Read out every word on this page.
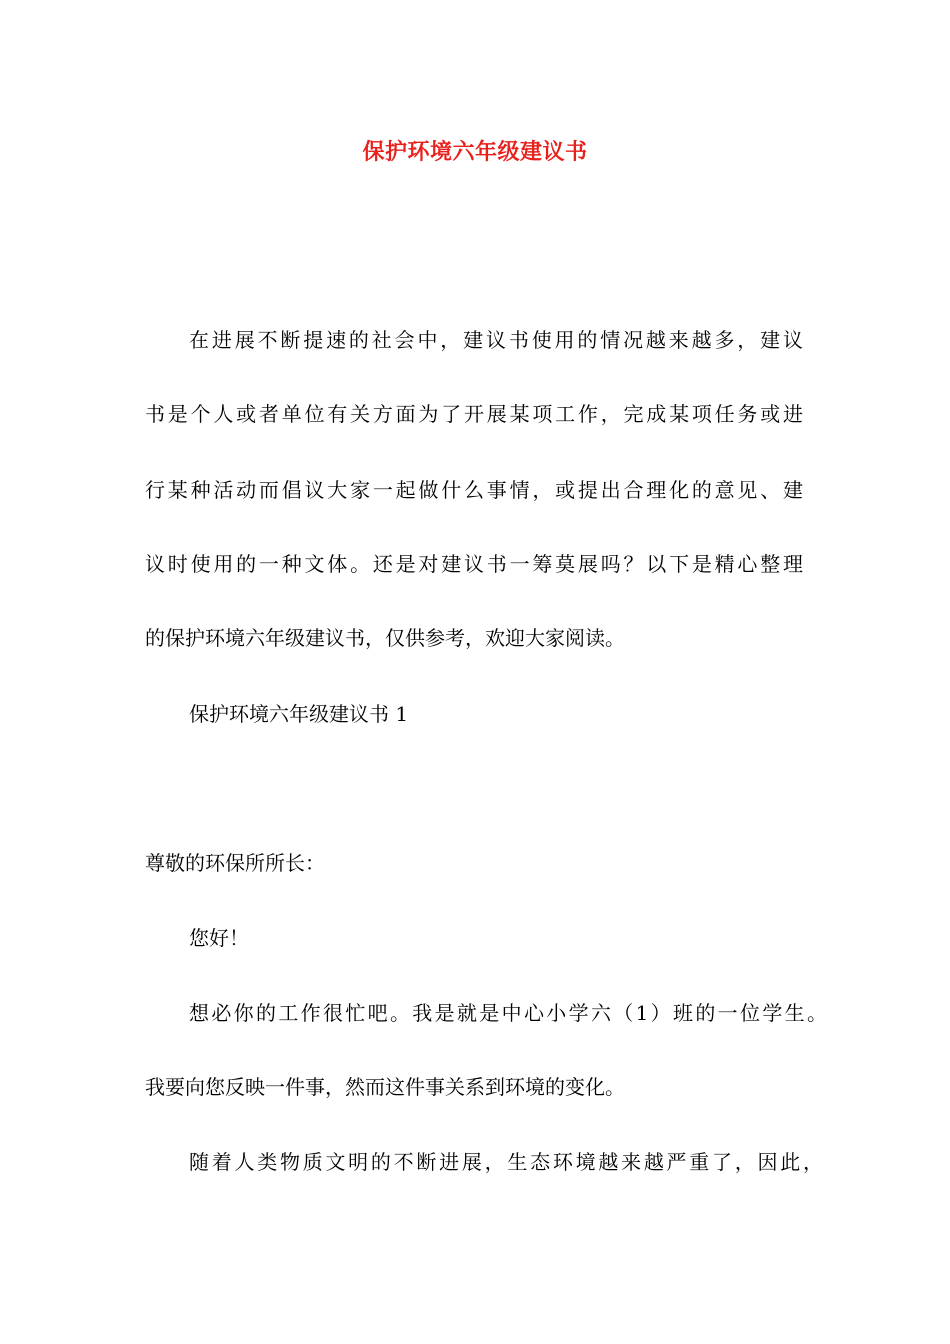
保护环境六年级建议书
在进展不断提速的社会中，建议书使用的情况越来越多，建议
书是个人或者单位有关方面为了开展某项工作，完成某项任务或进
行某种活动而倡议大家一起做什么事情，或提出合理化的意见、建
议时使用的一种文体。还是对建议书一筹莫展吗？以下是精心整理
的保护环境六年级建议书，仅供参考，欢迎大家阅读。
保护环境六年级建议书 1
尊敬的环保所所长：
您好！
想必你的工作很忙吧。我是就是中心小学六（1）班的一位学生。
我要向您反映一件事，然而这件事关系到环境的变化。
随着人类物质文明的不断进展，生态环境越来越严重了，因此，
